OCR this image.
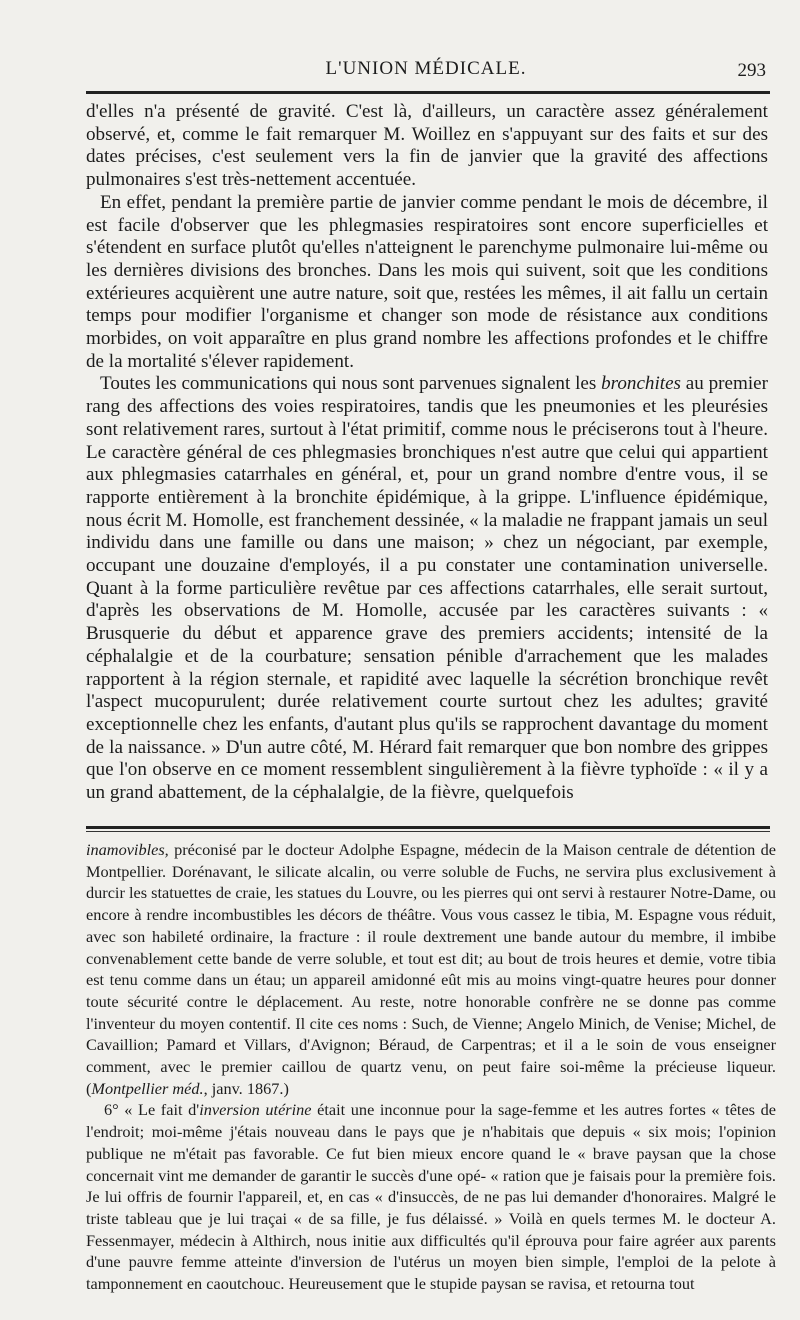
L'UNION MÉDICALE.	293

d'elles n'a présenté de gravité. C'est là, d'ailleurs, un caractère assez généralement observé, et, comme le fait remarquer M. Woillez en s'appuyant sur des faits et sur des dates précises, c'est seulement vers la fin de janvier que la gravité des affections pulmonaires s'est très-nettement accentuée.

En effet, pendant la première partie de janvier comme pendant le mois de décembre, il est facile d'observer que les phlegmasies respiratoires sont encore superficielles et s'étendent en surface plutôt qu'elles n'atteignent le parenchyme pulmonaire lui-même ou les dernières divisions des bronches. Dans les mois qui suivent, soit que les conditions extérieures acquièrent une autre nature, soit que, restées les mêmes, il ait fallu un certain temps pour modifier l'organisme et changer son mode de résistance aux conditions morbides, on voit apparaître en plus grand nombre les affections profondes et le chiffre de la mortalité s'élever rapidement.

Toutes les communications qui nous sont parvenues signalent les bronchites au premier rang des affections des voies respiratoires, tandis que les pneumonies et les pleurésies sont relativement rares, surtout à l'état primitif, comme nous le préciserons tout à l'heure. Le caractère général de ces phlegmasies bronchiques n'est autre que celui qui appartient aux phlegmasies catarrhales en général, et, pour un grand nombre d'entre vous, il se rapporte entièrement à la bronchite épidémique, à la grippe. L'influence épidémique, nous écrit M. Homolle, est franchement dessinée, « la maladie ne frappant jamais un seul individu dans une famille ou dans une maison; » chez un négociant, par exemple, occupant une douzaine d'employés, il a pu constater une contamination universelle. Quant à la forme particulière revêtue par ces affections catarrhales, elle serait surtout, d'après les observations de M. Homolle, accusée par les caractères suivants : « Brusquerie du début et apparence grave des premiers accidents; intensité de la céphalalgie et de la courbature; sensation pénible d'arrachement que les malades rapportent à la région sternale, et rapidité avec laquelle la sécrétion bronchique revêt l'aspect mucopurulent; durée relativement courte surtout chez les adultes; gravité exceptionnelle chez les enfants, d'autant plus qu'ils se rapprochent davantage du moment de la naissance. » D'un autre côté, M. Hérard fait remarquer que bon nombre des grippes que l'on observe en ce moment ressemblent singulièrement à la fièvre typhoïde : « il y a un grand abattement, de la céphalalgie, de la fièvre, quelquefois

inamovibles, préconisé par le docteur Adolphe Espagne, médecin de la Maison centrale de détention de Montpellier. Dorénavant, le silicate alcalin, ou verre soluble de Fuchs, ne servira plus exclusivement à durcir les statuettes de craie, les statues du Louvre, ou les pierres qui ont servi à restaurer Notre-Dame, ou encore à rendre incombustibles les décors de théâtre. Vous vous cassez le tibia, M. Espagne vous réduit, avec son habileté ordinaire, la fracture : il roule dextrement une bande autour du membre, il imbibe convenablement cette bande de verre soluble, et tout est dit; au bout de trois heures et demie, votre tibia est tenu comme dans un étau; un appareil amidonné eût mis au moins vingt-quatre heures pour donner toute sécurité contre le déplacement. Au reste, notre honorable confrère ne se donne pas comme l'inventeur du moyen contentif. Il cite ces noms : Such, de Vienne; Angelo Minich, de Venise; Michel, de Cavaillion; Pamard et Villars, d'Avignon; Béraud, de Carpentras; et il a le soin de vous enseigner comment, avec le premier caillou de quartz venu, on peut faire soi-même la précieuse liqueur. (Montpellier méd., janv. 1867.)

6° « Le fait d'inversion utérine était une inconnue pour la sage-femme et les autres fortes « têtes de l'endroit; moi-même j'étais nouveau dans le pays que je n'habitais que depuis « six mois; l'opinion publique ne m'était pas favorable. Ce fut bien mieux encore quand le « brave paysan que la chose concernait vint me demander de garantir le succès d'une opé- « ration que je faisais pour la première fois. Je lui offris de fournir l'appareil, et, en cas « d'insuccès, de ne pas lui demander d'honoraires. Malgré le triste tableau que je lui traçai « de sa fille, je fus délaissé. » Voilà en quels termes M. le docteur A. Fessenmayer, médecin à Althirch, nous initie aux difficultés qu'il éprouva pour faire agréer aux parents d'une pauvre femme atteinte d'inversion de l'utérus un moyen bien simple, l'emploi de la pelote à tamponnement en caoutchouc. Heureusement que le stupide paysan se ravisa, et retourna tout
